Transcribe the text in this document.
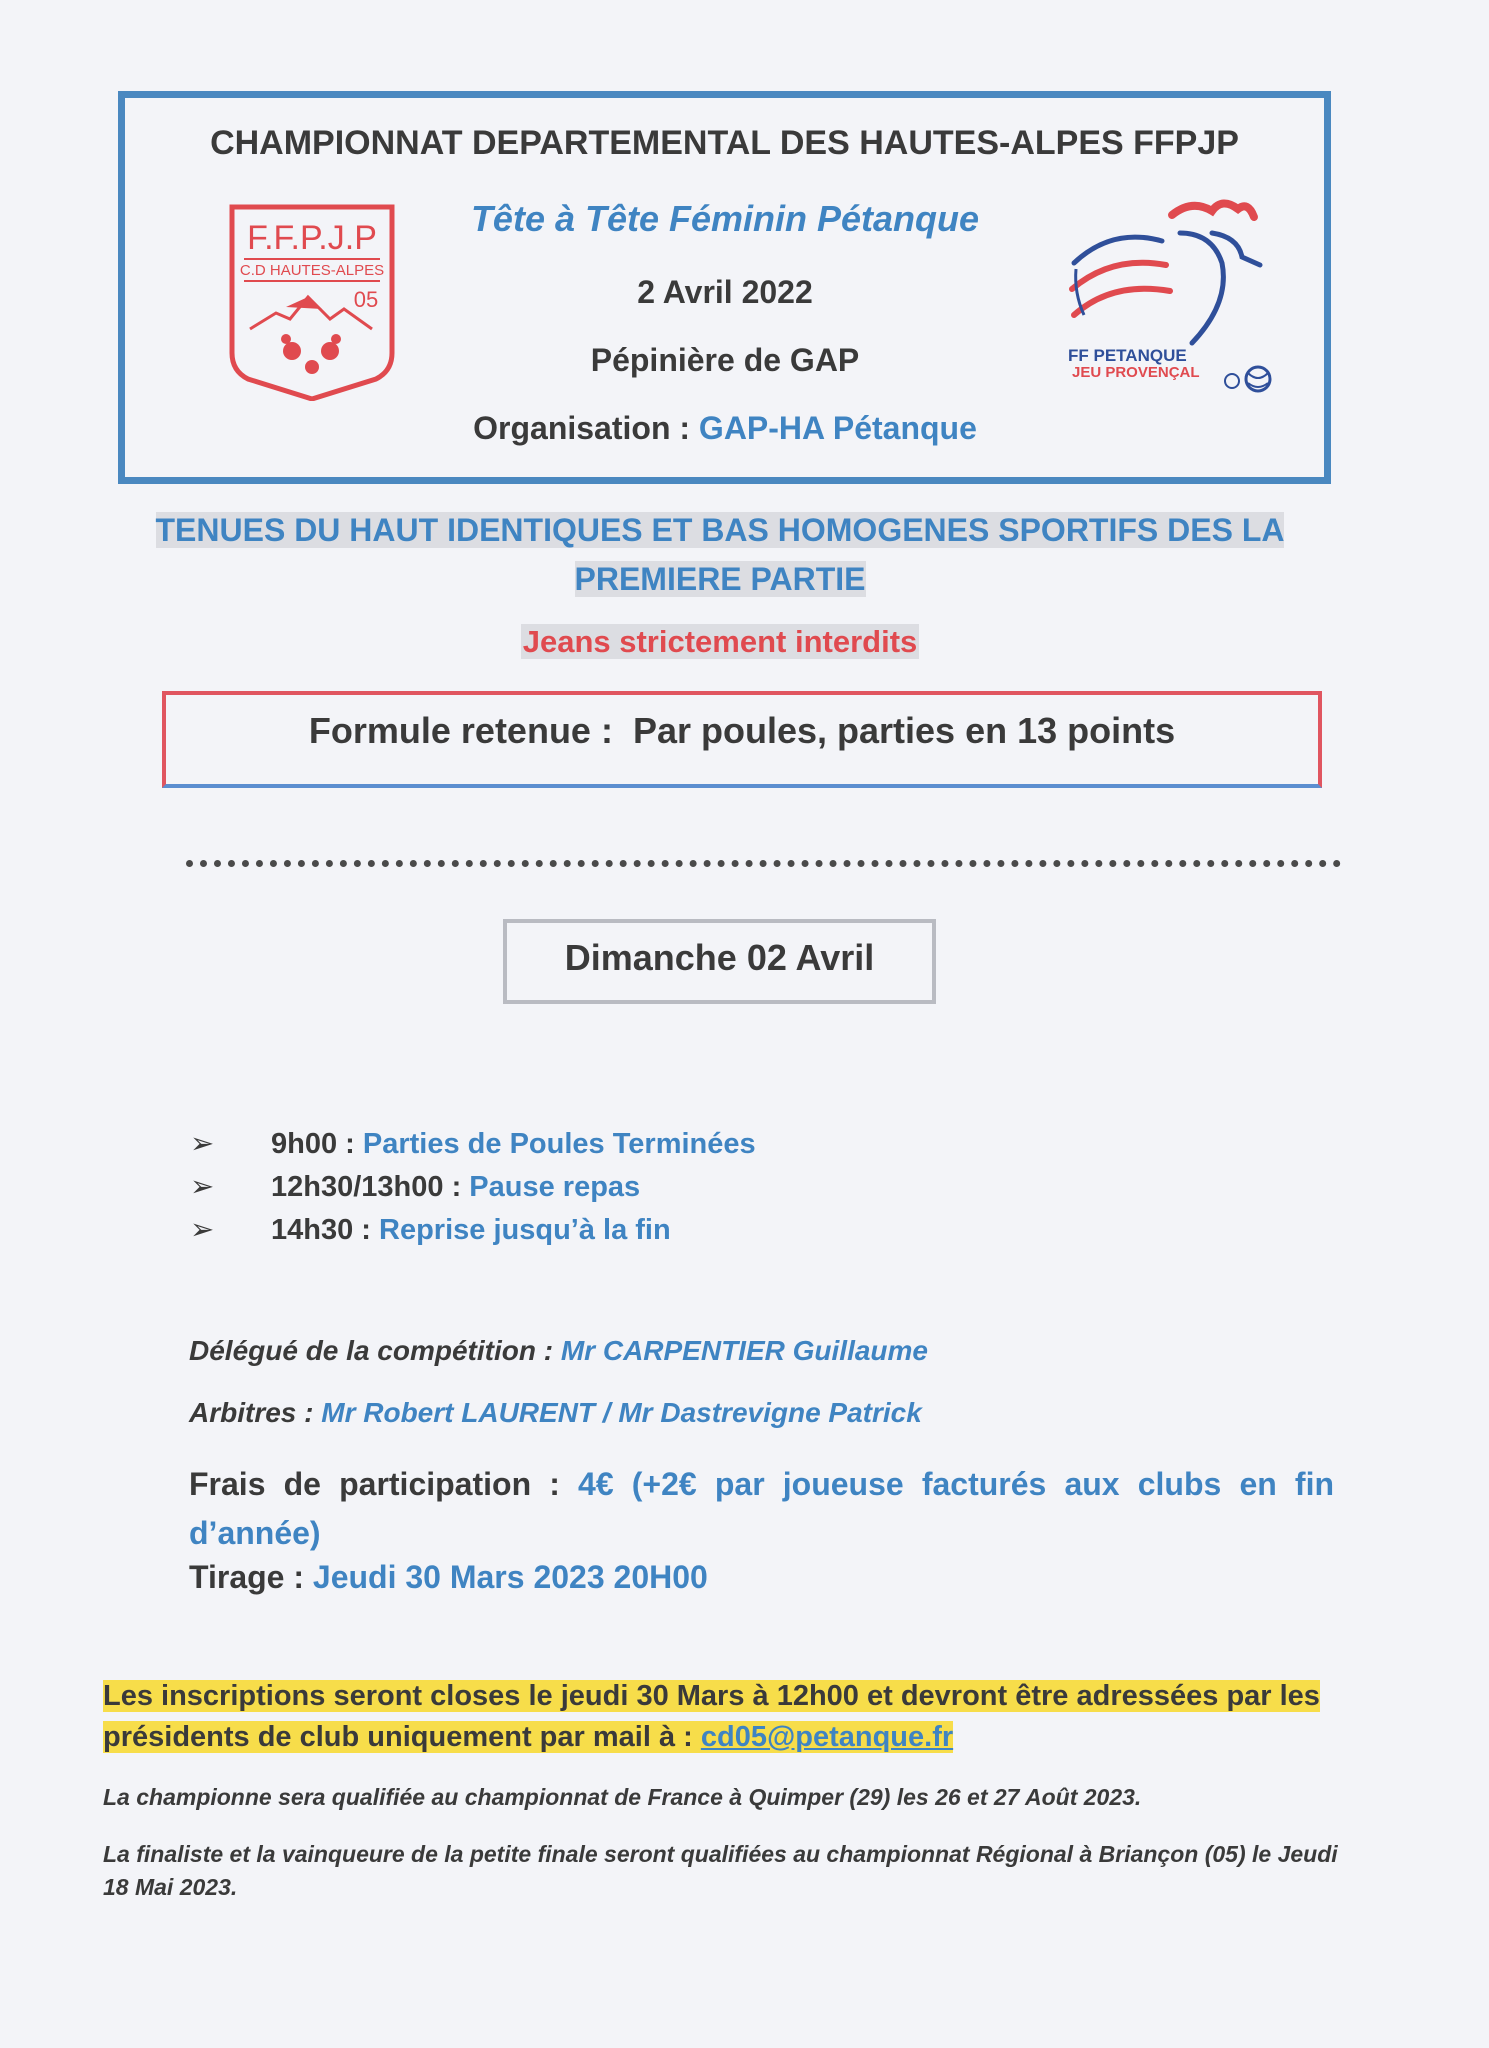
CHAMPIONNAT DEPARTEMENTAL DES HAUTES-ALPES FFPJP
Tête à Tête Féminin Pétanque
2 Avril 2022
Pépinière de GAP
Organisation : GAP-HA Pétanque
F.F.P.J.P
C.D HAUTES-ALPES
05
FF PETANQUE
JEU PROVENÇAL
TENUES DU HAUT IDENTIQUES ET BAS HOMOGENES SPORTIFS DES LA
PREMIERE PARTIE
Jeans strictement interdits
Formule retenue :  Par poules, parties en 13 points
Dimanche 02 Avril
➢ 9h00 : Parties de Poules Terminées
➢ 12h30/13h00 : Pause repas
➢ 14h30 : Reprise jusqu’à la fin
Délégué de la compétition : Mr CARPENTIER Guillaume
Arbitres : Mr Robert LAURENT / Mr Dastrevigne Patrick
Frais de participation : 4€ (+2€ par joueuse facturés aux clubs en fin d’année)
Tirage : Jeudi 30 Mars 2023 20H00
Les inscriptions seront closes le jeudi 30 Mars à 12h00 et devront être adressées par les
présidents de club uniquement par mail à : cd05@petanque.fr
La championne sera qualifiée au championnat de France à Quimper (29) les 26 et 27 Août 2023.
La finaliste et la vainqueure de la petite finale seront qualifiées au championnat Régional à Briançon (05) le Jeudi 18 Mai 2023.
